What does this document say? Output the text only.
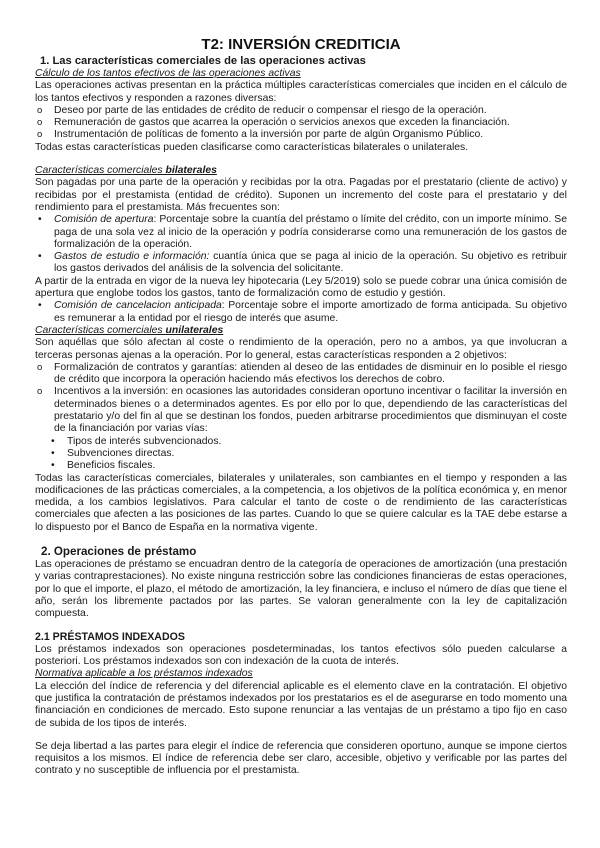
T2: INVERSIÓN CREDITICIA

1. Las características comerciales de las operaciones activas

Cálculo de los tantos efectivos de las operaciones activas

Las operaciones activas presentan en la práctica múltiples características comerciales que inciden en el cálculo de los tantos efectivos y responden a razones diversas:

o Deseo por parte de las entidades de crédito de reducir o compensar el riesgo de la operación.
o Remuneración de gastos que acarrea la operación o servicios anexos que exceden la financiación.
o Instrumentación de políticas de fomento a la inversión por parte de algún Organismo Público.

Todas estas características pueden clasificarse como características bilaterales o unilaterales.

Características comerciales bilaterales

Son pagadas por una parte de la operación y recibidas por la otra. Pagadas por el prestatario (cliente de activo) y recibidas por el prestamista (entidad de crédito). Suponen un incremento del coste para el prestatario y del rendimiento para el prestamista. Más frecuentes son:

• Comisión de apertura: Porcentaje sobre la cuantía del préstamo o límite del crédito, con un importe mínimo. Se paga de una sola vez al inicio de la operación y podría considerarse como una remuneración de los gastos de formalización de la operación.
• Gastos de estudio e información: cuantía única que se paga al inicio de la operación. Su objetivo es retribuir los gastos derivados del análisis de la solvencia del solicitante.

A partir de la entrada en vigor de la nueva ley hipotecaria (Ley 5/2019) solo se puede cobrar una única comisión de apertura que englobe todos los gastos, tanto de formalización como de estudio y gestión.

• Comisión de cancelacion anticipada: Porcentaje sobre el importe amortizado de forma anticipada. Su objetivo es remunerar a la entidad por el riesgo de interés que asume.

Características comerciales unilaterales

Son aquéllas que sólo afectan al coste o rendimiento de la operación, pero no a ambos, ya que involucran a terceras personas ajenas a la operación. Por lo general, estas características responden a 2 objetivos:

o Formalización de contratos y garantías: atienden al deseo de las entidades de disminuir en lo posible el riesgo de crédito que incorpora la operación haciendo más efectivos los derechos de cobro.
o Incentivos a la inversión: en ocasiones las autoridades consideran oportuno incentivar o facilitar la inversión en determinados bienes o a determinados agentes. Es por ello por lo que, dependiendo de las características del prestatario y/o del fin al que se destinan los fondos, pueden arbitrarse procedimientos que disminuyan el coste de la financiación por varias vías:
• Tipos de interés subvencionados.
• Subvenciones directas.
• Beneficios fiscales.

Todas las características comerciales, bilaterales y unilaterales, son cambiantes en el tiempo y responden a las modificaciones de las prácticas comerciales, a la competencia, a los objetivos de la política económica y, en menor medida, a los cambios legislativos. Para calcular el tanto de coste o de rendimiento de las características comerciales que afecten a las posiciones de las partes. Cuando lo que se quiere calcular es la TAE debe estarse a lo dispuesto por el Banco de España en la normativa vigente.

2. Operaciones de préstamo

Las operaciones de préstamo se encuadran dentro de la categoría de operaciones de amortización (una prestación y varias contraprestaciones). No existe ninguna restricción sobre las condiciones financieras de estas operaciones, por lo que el importe, el plazo, el método de amortización, la ley financiera, e incluso el número de días que tiene el año, serán los libremente pactados por las partes. Se valoran generalmente con la ley de capitalización compuesta.

2.1 PRÉSTAMOS INDEXADOS

Los préstamos indexados son operaciones posdeterminadas, los tantos efectivos sólo pueden calcularse a posteriori. Los préstamos indexados son con indexación de la cuota de interés.

Normativa aplicable a los préstamos indexados

La elección del índice de referencia y del diferencial aplicable es el elemento clave en la contratación. El objetivo que justifica la contratación de préstamos indexados por los prestatarios es el de asegurarse en todo momento una financiación en condiciones de mercado. Esto supone renunciar a las ventajas de un préstamo a tipo fijo en caso de subida de los tipos de interés.

Se deja libertad a las partes para elegir el índice de referencia que consideren oportuno, aunque se impone ciertos requisitos a los mismos. El índice de referencia debe ser claro, accesible, objetivo y verificable por las partes del contrato y no susceptible de influencia por el prestamista.
